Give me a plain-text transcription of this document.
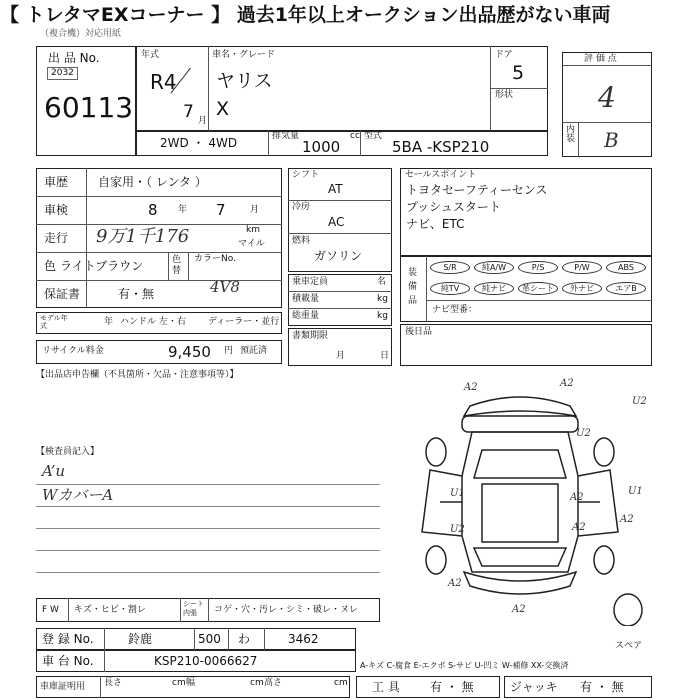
【 トレタマEXコーナー 】 過去1年以上オークション出品歴がない車両
（複合機）対応用紙
出 品 No.
2032
60113
年式
R4
7 月
車名・グレード
ヤリス
X
ドア
5
形状
2WD ・ 4WD	排気量	cc
1000
型式
5BA -KSP210
評 価 点
4
内装 B
車歴 自家用・（ レンタ ）
車検	8 年 7	月
走行 9万1千176	km
マイル
色 ライトブラウン	色替
カラーNo.
4V8
保証書	有・無
モデル年式	年 ハンドル 左・右 ディーラー・並行
リサイクル料金	9,450 円 預託済
【出品店申告欄（不具箇所・欠品・注意事項等）】
シフト
AT
冷房
AC
燃料
ガソリン
乗車定員	名
積載量	kg
総重量	kg
書類期限
月	日
セールスポイント
トヨタセーフティーセンス
プッシュスタート
ナビ、ETC
装備品
S/R	純A/W	P/S	P/W	ABS
純TV	純ナビ	革シート	外ナビ	エアB
ナビ型番：
後日品
【検査員記入】
A’u
WカバーA
A2	A2
U2
U2
A2
U1	U1
A2
U2
A2
A2
A2
スペア
F W キズ・ヒビ・割レ
シート内張	コゲ・穴・汚レ・シミ・破レ・ヌレ
登 録 No.	鈴鹿	500 わ	3462
車 台 No.	KSP210-0066627	A-キズ C-腐食 E-エクボ S-サビ U-凹ミ W-補修 XX-交換済
車庫証明用 長さ	cm 幅	cm 高さ	cm 工 具	有 ・ 無	ジャッキ 有 ・ 無
